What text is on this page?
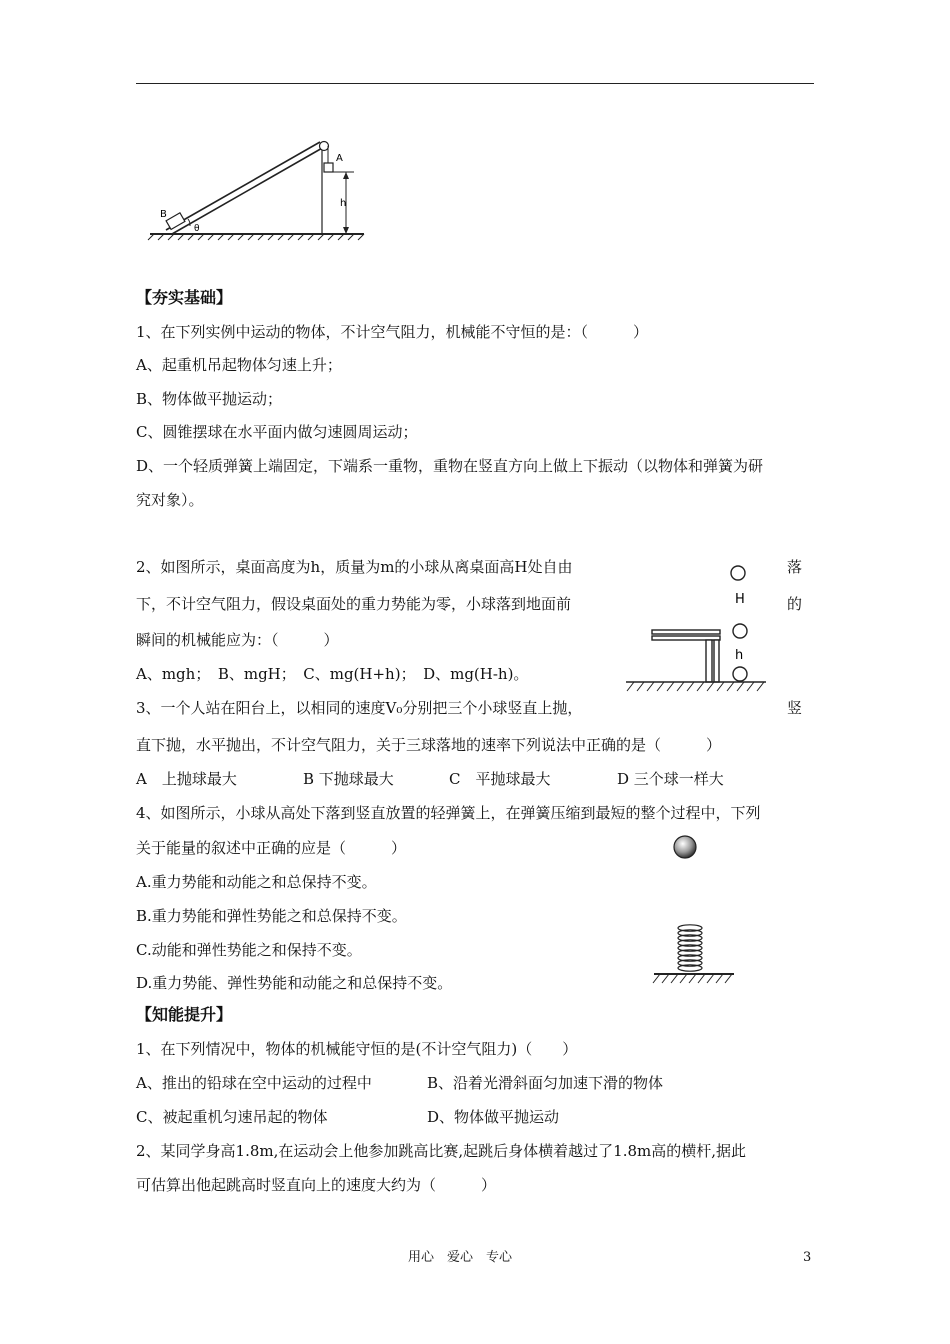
A
B
θ
h
【夯实基础】
1、在下列实例中运动的物体，不计空气阻力，机械能不守恒的是：（　　　）
A、起重机吊起物体匀速上升；
B、物体做平抛运动；
C、圆锥摆球在水平面内做匀速圆周运动；
D、一个轻质弹簧上端固定，下端系一重物，重物在竖直方向上做上下振动（以物体和弹簧为研
究对象）。
2、如图所示，桌面高度为h，质量为m的小球从离桌面高H处自由	落
下，不计空气阻力，假设桌面处的重力势能为零，小球落到地面前	的
瞬间的机械能应为：（　　　）
A、mgh；　B、mgH；　C、mg(H+h)；　D、mg(H-h)。
H
h
3、一个人站在阳台上，以相同的速度V₀分别把三个小球竖直上抛，	竖
直下抛，水平抛出，不计空气阻力，关于三球落地的速率下列说法中正确的是（　　　）
A　上抛球最大	B 下抛球最大	C　平抛球最大	D 三个球一样大
4、如图所示，小球从高处下落到竖直放置的轻弹簧上，在弹簧压缩到最短的整个过程中，下列
关于能量的叙述中正确的应是（　　　）
A.重力势能和动能之和总保持不变。
B.重力势能和弹性势能之和总保持不变。
C.动能和弹性势能之和保持不变。
D.重力势能、弹性势能和动能之和总保持不变。
【知能提升】
1、在下列情况中，物体的机械能守恒的是(不计空气阻力)（　　）
A、推出的铅球在空中运动的过程中	B、沿着光滑斜面匀加速下滑的物体
C、被起重机匀速吊起的物体	D、物体做平抛运动
2、某同学身高1.8m,在运动会上他参加跳高比赛,起跳后身体横着越过了1.8m高的横杆,据此
可估算出他起跳高时竖直向上的速度大约为（　　　）
用心　爱心　专心	3
